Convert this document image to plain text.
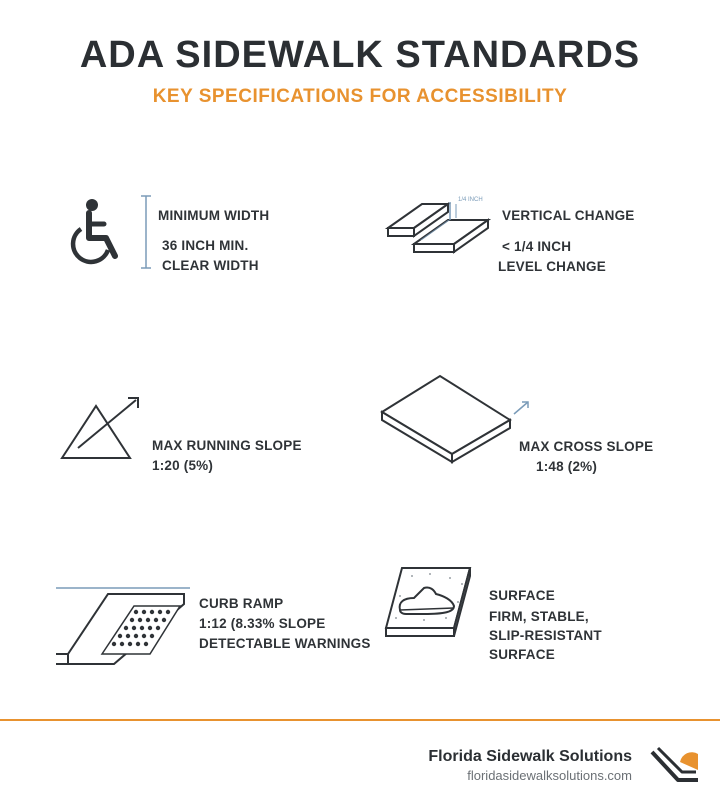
ADA SIDEWALK STANDARDS
KEY SPECIFICATIONS FOR ACCESSIBILITY
MINIMUM WIDTH
36 INCH MIN.
CLEAR WIDTH
1/4 INCH
VERTICAL CHANGE
< 1/4 INCH
LEVEL CHANGE
MAX RUNNING SLOPE
1:20 (5%)
MAX CROSS SLOPE
1:48 (2%)
CURB RAMP
1:12 (8.33% SLOPE
DETECTABLE WARNINGS
SURFACE
FIRM, STABLE,
SLIP-RESISTANT
SURFACE
Florida Sidewalk Solutions
floridasidewalksolutions.com
